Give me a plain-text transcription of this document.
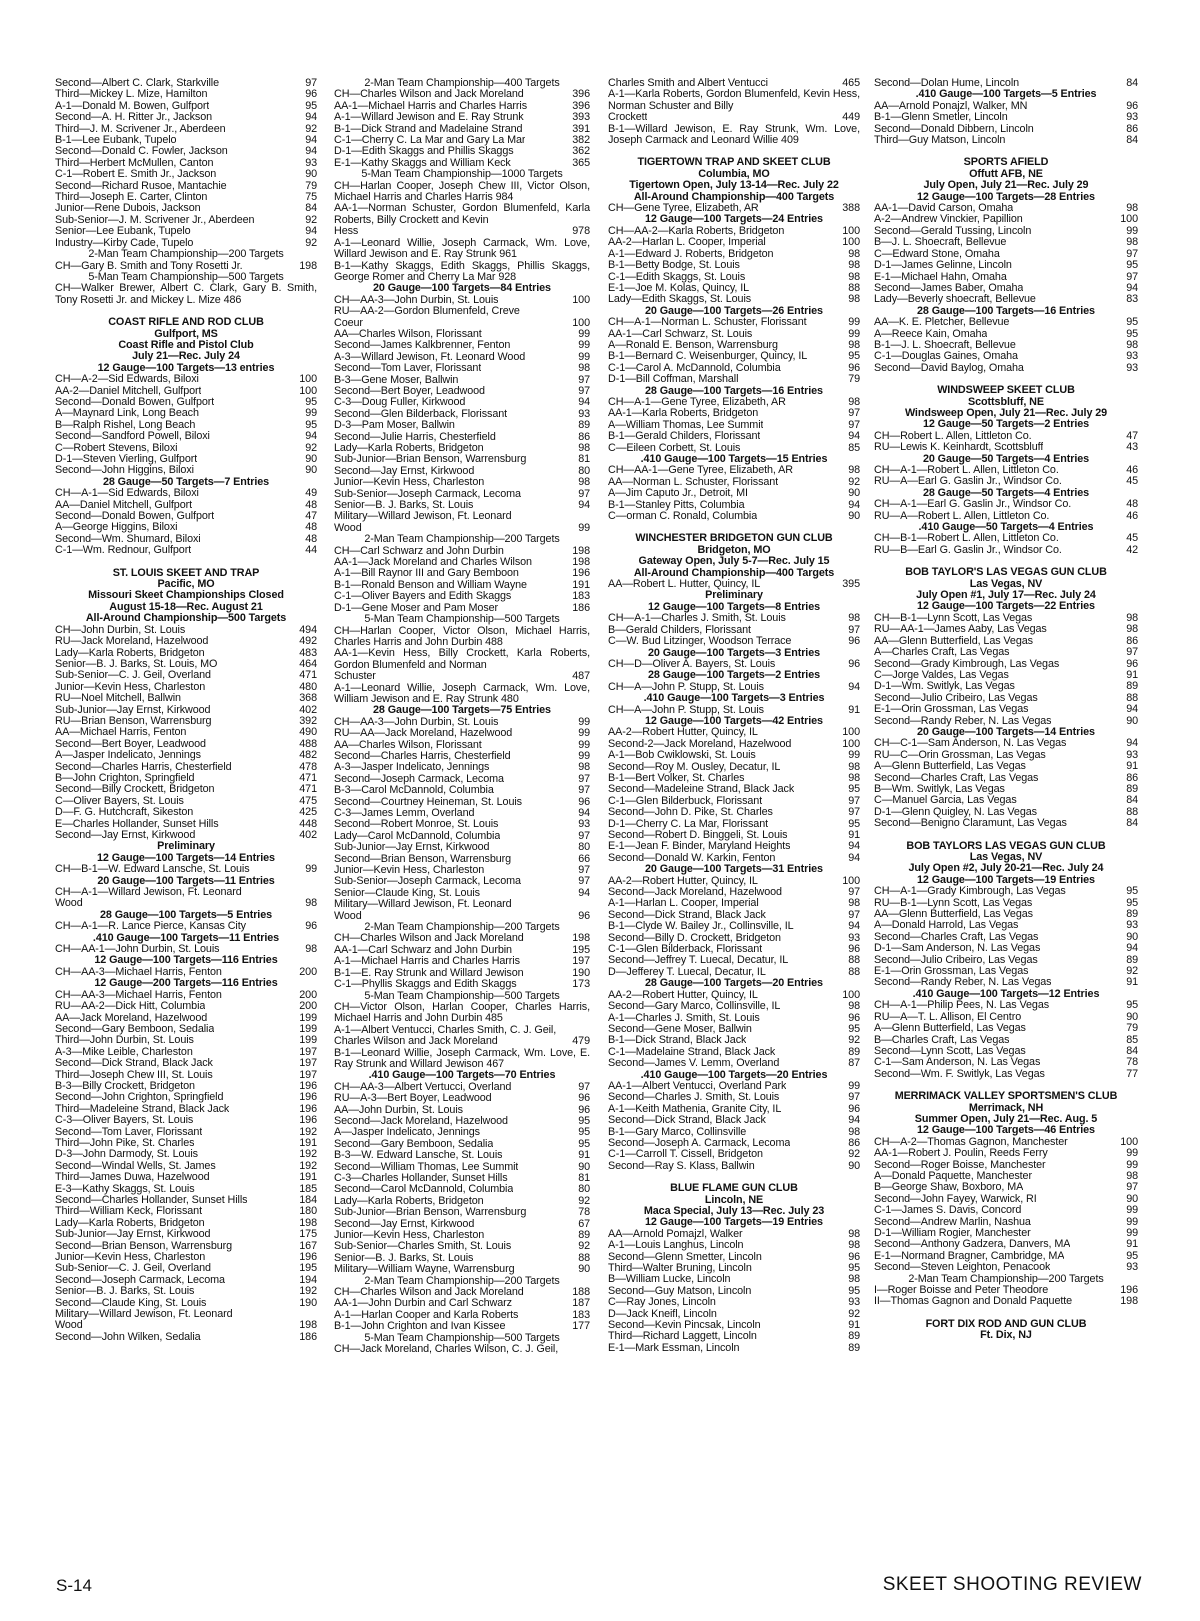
Second—Albert C. Clark, Starkville	97
Third—Mickey L. Mize, Hamilton	96
A-1—Donald M. Bowen, Gulfport	95
Second—A. H. Ritter Jr., Jackson	94
Third—J. M. Scrivener Jr., Aberdeen	92
B-1—Lee Eubank, Tupelo	94
Second—Donald C. Fowler, Jackson	94
Third—Herbert McMullen, Canton	93
C-1—Robert E. Smith Jr., Jackson	90
Second—Richard Rusoe, Mantachie	79
Third—Joseph E. Carter, Clinton	75
Junior—Rene Dubois, Jackson	84
Sub-Senior—J. M. Scrivener Jr., Aberdeen	92
Senior—Lee Eubank, Tupelo	94
Industry—Kirby Cade, Tupelo	92
2-Man Team Championship—200 Targets
CH—Gary B. Smith and Tony Rosetti Jr.	198
5-Man Team Championship—500 Targets
CH—Walker Brewer, Albert C. Clark, Gary B. Smith, Tony Rosetti Jr. and Mickey L. Mize 486
COAST RIFLE AND ROD CLUB
Gulfport, MS
Coast Rifle and Pistol Club
July 21—Rec. July 24
12 Gauge—100 Targets—13 entries
CH—A-2—Sid Edwards, Biloxi	100
AA-2—Daniel Mitchell, Gulfport	100
Second—Donald Bowen, Gulfport	95
A—Maynard Link, Long Beach	99
B—Ralph Rishel, Long Beach	95
Second—Sandford Powell, Biloxi	94
C—Robert Stevens, Biloxi	92
D-1—Steven Vierling, Gulfport	90
Second—John Higgins, Biloxi	90
28 Gauge—50 Targets—7 Entries
CH—A-1—Sid Edwards, Biloxi	49
AA—Daniel Mitchell, Gulfport	48
Second—Donald Bowen, Gulfport	47
A—George Higgins, Biloxi	48
Second—Wm. Shumard, Biloxi	48
C-1—Wm. Rednour, Gulfport	44
ST. LOUIS SKEET AND TRAP
Pacific, MO
Missouri Skeet Championships Closed
August 15-18—Rec. August 21
All-Around Championship—500 Targets
CH—John Durbin, St. Louis	494
RU—Jack Moreland, Hazelwood	492
Lady—Karla Roberts, Bridgeton	483
Senior—B. J. Barks, St. Louis, MO	464
Sub-Senior—C. J. Geil, Overland	471
Junior—Kevin Hess, Charleston	480
RU—Noel Mitchell, Ballwin	368
Sub-Junior—Jay Ernst, Kirkwood	402
RU—Brian Benson, Warrensburg	392
AA—Michael Harris, Fenton	490
Second—Bert Boyer, Leadwood	488
A—Jasper Indelicato, Jennings	482
Second—Charles Harris, Chesterfield	478
B—John Crighton, Springfield	471
Second—Billy Crockett, Bridgeton	471
C—Oliver Bayers, St. Louis	475
D—F. G. Hutchcraft, Sikeston	425
E—Charles Hollander, Sunset Hills	448
Second—Jay Ernst, Kirkwood	402
Preliminary
12 Gauge—100 Targets—14 Entries
CH—B-1—W. Edward Lansche, St. Louis	99
20 Gauge—100 Targets—11 Entries
CH—A-1—Willard Jewison, Ft. Leonard
Wood	98
28 Gauge—100 Targets—5 Entries
CH—A-1—R. Lance Pierce, Kansas City	96
.410 Gauge—100 Targets—11 Entries
CH—AA-1—John Durbin, St. Louis	98
12 Gauge—100 Targets—116 Entries
CH—AA-3—Michael Harris, Fenton	200
12 Gauge—200 Targets—116 Entries
CH—AA-3—Michael Harris, Fenton	200
RU—AA-2—Dick Hitt, Columbia	200
AA—Jack Moreland, Hazelwood	199
Second—Gary Bemboon, Sedalia	199
Third—John Durbin, St. Louis	199
A-3—Mike Leible, Charleston	197
Second—Dick Strand, Black Jack	197
Third—Joseph Chew III, St. Louis	197
B-3—Billy Crockett, Bridgeton	196
Second—John Crighton, Springfield	196
Third—Madeleine Strand, Black Jack	196
C-3—Oliver Bayers, St. Louis	196
Second—Tom Laver, Florissant	192
Third—John Pike, St. Charles	191
D-3—John Darmody, St. Louis	192
Second—Windal Wells, St. James	192
Third—James Duwa, Hazelwood	191
E-3—Kathy Skaggs, St. Louis	185
Second—Charles Hollander, Sunset Hills	184
Third—William Keck, Florissant	180
Lady—Karla Roberts, Bridgeton	198
Sub-Junior—Jay Ernst, Kirkwood	175
Second—Brian Benson, Warrensburg	167
Junior—Kevin Hess, Charleston	196
Sub-Senior—C. J. Geil, Overland	195
Second—Joseph Carmack, Lecoma	194
Senior—B. J. Barks, St. Louis	192
Second—Claude King, St. Louis	190
Military—Willard Jewison, Ft. Leonard
Wood	198
Second—John Wilken, Sedalia	186
2-Man Team Championship—400 Targets
CH—Charles Wilson and Jack Moreland	396
AA-1—Michael Harris and Charles Harris	396
A-1—Willard Jewison and E. Ray Strunk	393
B-1—Dick Strand and Madelaine Strand	391
C-1—Cherry C. La Mar and Gary La Mar	382
D-1—Edith Skaggs and Phillis Skaggs	362
E-1—Kathy Skaggs and William Keck	365
5-Man Team Championship—1000 Targets
CH—Harlan Cooper, Joseph Chew III, Victor Olson, Michael Harris and Charles Harris 984
AA-1—Norman Schuster, Gordon Blumenfeld, Karla Roberts, Billy Crockett and Kevin
Hess	978
A-1—Leonard Willie, Joseph Carmack, Wm. Love, Willard Jewison and E. Ray Strunk 961
B-1—Kathy Skaggs, Edith Skaggs, Phillis Skaggs, George Romer and Cherry La Mar 928
20 Gauge—100 Targets—84 Entries
CH—AA-3—John Durbin, St. Louis	100
RU—AA-2—Gordon Blumenfeld, Creve
Coeur	100
AA—Charles Wilson, Florissant	99
Second—James Kalkbrenner, Fenton	99
A-3—Willard Jewison, Ft. Leonard Wood	99
Second—Tom Laver, Florissant	98
B-3—Gene Moser, Ballwin	97
Second—Bert Boyer, Leadwood	97
C-3—Doug Fuller, Kirkwood	94
Second—Glen Bilderback, Florissant	93
D-3—Pam Moser, Ballwin	89
Second—Julie Harris, Chesterfield	86
Lady—Karla Roberts, Bridgeton	98
Sub-Junior—Brian Benson, Warrensburg	81
Second—Jay Ernst, Kirkwood	80
Junior—Kevin Hess, Charleston	98
Sub-Senior—Joseph Carmack, Lecoma	97
Senior—B. J. Barks, St. Louis	94
Military—Willard Jewison, Ft. Leonard
Wood	99
2-Man Team Championship—200 Targets
CH—Carl Schwarz and John Durbin	198
AA-1—Jack Moreland and Charles Wilson	198
A-1—Bill Raynor III and Gary Bemboon	196
B-1—Ronald Benson and William Wayne	191
C-1—Oliver Bayers and Edith Skaggs	183
D-1—Gene Moser and Pam Moser	186
5-Man Team Championship—500 Targets
CH—Harlan Cooper, Victor Olson, Michael Harris, Charles Harris and John Durbin 488
AA-1—Kevin Hess, Billy Crockett, Karla Roberts, Gordon Blumenfeld and Norman
Schuster	487
A-1—Leonard Willie, Joseph Carmack, Wm. Love, William Jewison and E. Ray Strunk 480
28 Gauge—100 Targets—75 Entries
CH—AA-3—John Durbin, St. Louis	99
RU—AA—Jack Moreland, Hazelwood	99
AA—Charles Wilson, Florissant	99
Second—Charles Harris, Chesterfield	99
A-3—Jasper Indelicato, Jennings	98
Second—Joseph Carmack, Lecoma	97
B-3—Carol McDannold, Columbia	97
Second—Courtney Heineman, St. Louis	96
C-3—James Lemm, Overland	94
Second—Robert Monroe, St. Louis	93
Lady—Carol McDannold, Columbia	97
Sub-Junior—Jay Ernst, Kirkwood	80
Second—Brian Benson, Warrensburg	66
Junior—Kevin Hess, Charleston	97
Sub-Senior—Joseph Carmack, Lecoma	97
Senior—Claude King, St. Louis	94
Military—Willard Jewison, Ft. Leonard
Wood	96
2-Man Team Championship—200 Targets
CH—Charles Wilson and Jack Moreland	198
AA-1—Carl Schwarz and John Durbin	195
A-1—Michael Harris and Charles Harris	197
B-1—E. Ray Strunk and Willard Jewison	190
C-1—Phyllis Skaggs and Edith Skaggs	173
5-Man Team Championship—500 Targets
CH—Victor Olson, Harlan Cooper, Charles Harris, Michael Harris and John Durbin 485
A-1—Albert Ventucci, Charles Smith, C. J. Geil,
Charles Wilson and Jack Moreland	479
B-1—Leonard Willie, Joseph Carmack, Wm. Love, E. Ray Strunk and Willard Jewison 467
.410 Gauge—100 Targets—70 Entries
CH—AA-3—Albert Vertucci, Overland	97
RU—A-3—Bert Boyer, Leadwood	96
AA—John Durbin, St. Louis	96
Second—Jack Moreland, Hazelwood	95
A—Jasper Indelicato, Jennings	95
Second—Gary Bemboon, Sedalia	95
B-3—W. Edward Lansche, St. Louis	91
Second—William Thomas, Lee Summit	90
C-3—Charles Hollander, Sunset Hills	81
Second—Carol McDannold, Columbia	80
Lady—Karla Roberts, Bridgeton	92
Sub-Junior—Brian Benson, Warrensburg	78
Second—Jay Ernst, Kirkwood	67
Junior—Kevin Hess, Charleston	89
Sub-Senior—Charles Smith, St. Louis	92
Senior—B. J. Barks, St. Louis	88
Military—William Wayne, Warrensburg	90
2-Man Team Championship—200 Targets
CH—Charles Wilson and Jack Moreland	188
AA-1—John Durbin and Carl Schwarz	187
A-1—Harlan Cooper and Karla Roberts	183
B-1—John Crighton and Ivan Kissee	177
5-Man Team Championship—500 Targets
CH—Jack Moreland, Charles Wilson, C. J. Geil,
Charles Smith and Albert Ventucci	465
A-1—Karla Roberts, Gordon Blumenfeld, Kevin Hess, Norman Schuster and Billy
Crockett	449
B-1—Willard Jewison, E. Ray Strunk, Wm. Love, Joseph Carmack and Leonard Willie 409
TIGERTOWN TRAP AND SKEET CLUB
Columbia, MO
Tigertown Open, July 13-14—Rec. July 22
All-Around Championship—400 Targets
CH—Gene Tyree, Elizabeth, AR	388
12 Gauge—100 Targets—24 Entries
CH—AA-2—Karla Roberts, Bridgeton	100
AA-2—Harlan L. Cooper, Imperial	100
A-1—Edward J. Roberts, Bridgeton	98
B-1—Betty Bodge, St. Louis	98
C-1—Edith Skaggs, St. Louis	98
E-1—Joe M. Kolas, Quincy, IL	88
Lady—Edith Skaggs, St. Louis	98
20 Gauge—100 Targets—26 Entries
CH—A-1—Norman L. Schuster, Florissant	99
AA-1—Carl Schwarz, St. Louis	99
A—Ronald E. Benson, Warrensburg	98
B-1—Bernard C. Weisenburger, Quincy, IL	95
C-1—Carol A. McDannold, Columbia	96
D-1—Bill Coffman, Marshall	79
28 Gauge—100 Targets—16 Entries
CH—A-1—Gene Tyree, Elizabeth, AR	98
AA-1—Karla Roberts, Bridgeton	97
A—William Thomas, Lee Summit	97
B-1—Gerald Childers, Florissant	94
C—Eileen Corbett, St. Louis	85
.410 Gauge—100 Targets—15 Entries
CH—AA-1—Gene Tyree, Elizabeth, AR	98
AA—Norman L. Schuster, Florissant	92
A—Jim Caputo Jr., Detroit, MI	90
B-1—Stanley Pitts, Columbia	94
C—orman C. Ronald, Columbia	90
WINCHESTER BRIDGETON GUN CLUB
Bridgeton, MO
Gateway Open, July 5-7—Rec. July 15
All-Around Championship—400 Targets
AA—Robert L. Hutter, Quincy, IL	395
Preliminary
12 Gauge—100 Targets—8 Entries
CH—A-1—Charles J. Smith, St. Louis	98
B—Gerald Childers, Florissant	97
C—W. Bud Litzinger, Woodson Terrace	96
20 Gauge—100 Targets—3 Entries
CH—D—Oliver A. Bayers, St. Louis	96
28 Gauge—100 Targets—2 Entries
CH—A—John P. Stupp, St. Louis	94
.410 Gauge—100 Targets—3 Entries
CH—A—John P. Stupp, St. Louis	91
12 Gauge—100 Targets—42 Entries
AA-2—Robert Hutter, Quincy, IL	100
Second-2—Jack Moreland, Hazelwood	100
A-1—Bob Cwiklowski, St. Louis	99
Second—Roy M. Ousley, Decatur, IL	98
B-1—Bert Volker, St. Charles	98
Second—Madeleine Strand, Black Jack	95
C-1—Glen Bilderbuck, Florissant	97
Second—John D. Pike, St. Charles	97
D-1—Cherry C. La Mar, Florissant	95
Second—Robert D. Binggeli, St. Louis	91
E-1—Jean F. Binder, Maryland Heights	94
Second—Donald W. Karkin, Fenton	94
20 Gauge—100 Targets—31 Entries
AA-2—Robert Hutter, Quincy, IL	100
Second—Jack Moreland, Hazelwood	97
A-1—Harlan L. Cooper, Imperial	98
Second—Dick Strand, Black Jack	97
B-1—Clyde W. Bailey Jr., Collinsville, IL	94
Second—Billy D. Crockett, Bridgeton	93
C-1—Glen Bilderback, Florissant	96
Second—Jeffrey T. Luecal, Decatur, IL	88
D—Jefferey T. Luecal, Decatur, IL	88
28 Gauge—100 Targets—20 Entries
AA-2—Robert Hutter, Quincy, IL	100
Second—Gary Marco, Collinsville, IL	98
A-1—Charles J. Smith, St. Louis	96
Second—Gene Moser, Ballwin	95
B-1—Dick Strand, Black Jack	92
C-1—Madelaine Strand, Black Jack	89
Second—James V. Lemm, Overland	87
.410 Gauge—100 Targets—20 Entries
AA-1—Albert Ventucci, Overland Park	99
Second—Charles J. Smith, St. Louis	97
A-1—Keith Mathenia, Granite City, IL	96
Second—Dick Strand, Black Jack	94
B-1—Gary Marco, Collinsville	98
Second—Joseph A. Carmack, Lecoma	86
C-1—Carroll T. Cissell, Bridgeton	92
Second—Ray S. Klass, Ballwin	90
BLUE FLAME GUN CLUB
Lincoln, NE
Maca Special, July 13—Rec. July 23
12 Gauge—100 Targets—19 Entries
AA—Arnold Pomajzl, Walker	98
A-1—Louis Langhus, Lincoln	98
Second—Glenn Smetter, Lincoln	96
Third—Walter Bruning, Lincoln	95
B—William Lucke, Lincoln	98
Second—Guy Matson, Lincoln	95
C—Ray Jones, Lincoln	93
D—Jack Kneifl, Lincoln	92
Second—Kevin Pincsak, Lincoln	91
Third—Richard Laggett, Lincoln	89
E-1—Mark Essman, Lincoln	89
Second—Dolan Hume, Lincoln	84
.410 Gauge—100 Targets—5 Entries
AA—Arnold Ponajzl, Walker, MN	96
B-1—Glenn Smetler, Lincoln	93
Second—Donald Dibbern, Lincoln	86
Third—Guy Matson, Lincoln	84
SPORTS AFIELD
Offutt AFB, NE
July Open, July 21—Rec. July 29
12 Gauge—100 Targets—28 Entries
AA-1—David Carson, Omaha	98
A-2—Andrew Vinckier, Papillion	100
Second—Gerald Tussing, Lincoln	99
B—J. L. Shoecraft, Bellevue	98
C—Edward Stone, Omaha	97
D-1—James Gelinne, Lincoln	95
E-1—Michael Hahn, Omaha	97
Second—James Baber, Omaha	94
Lady—Beverly shoecraft, Bellevue	83
28 Gauge—100 Targets—16 Entries
AA—K. E. Pletcher, Bellevue	95
A—Reece Kain, Omaha	95
B-1—J. L. Shoecraft, Bellevue	98
C-1—Douglas Gaines, Omaha	93
Second—David Baylog, Omaha	93
WINDSWEEP SKEET CLUB
Scottsbluff, NE
Windsweep Open, July 21—Rec. July 29
12 Gauge—50 Targets—2 Entries
CH—Robert L. Allen, Littleton Co.	47
RU—Lewis K. Keinhardt, Scottsbluff	43
20 Gauge—50 Targets—4 Entries
CH—A-1—Robert L. Allen, Littleton Co.	46
RU—A—Earl G. Gaslin Jr., Windsor Co.	45
28 Gauge—50 Targets—4 Entries
CH—A-1—Earl G. Gaslin Jr., Windsor Co.	48
RU—A—Robert L. Allen, Littleton Co.	46
.410 Gauge—50 Targets—4 Entries
CH—B-1—Robert L. Allen, Littleton Co.	45
RU—B—Earl G. Gaslin Jr., Windsor Co.	42
BOB TAYLOR'S LAS VEGAS GUN CLUB
Las Vegas, NV
July Open #1, July 17—Rec. July 24
12 Gauge—100 Targets—22 Entries
CH—B-1—Lynn Scott, Las Vegas	98
RU—AA-1—James Aaby, Las Vegas	98
AA—Glenn Butterfield, Las Vegas	86
A—Charles Craft, Las Vegas	97
Second—Grady Kimbrough, Las Vegas	96
C—Jorge Valdes, Las Vegas	91
D-1—Wm. Switlyk, Las Vegas	89
Second—Julio Cribeiro, Las Vegas	88
E-1—Orin Grossman, Las Vegas	94
Second—Randy Reber, N. Las Vegas	90
20 Gauge—100 Targets—14 Entries
CH—C-1—Sam Anderson, N. Las Vegas	94
RU—C—Orin Grossman, Las Vegas	93
A—Glenn Butterfield, Las Vegas	91
Second—Charles Craft, Las Vegas	86
B—Wm. Switlyk, Las Vegas	89
C—Manuel Garcia, Las Vegas	84
D-1—Glenn Quigley, N. Las Vegas	88
Second—Benigno Claramunt, Las Vegas	84
BOB TAYLORS LAS VEGAS GUN CLUB
Las Vegas, NV
July Open #2, July 20-21—Rec. July 24
12 Gauge—100 Targets—19 Entries
CH—A-1—Grady Kimbrough, Las Vegas	95
RU—B-1—Lynn Scott, Las Vegas	95
AA—Glenn Butterfield, Las Vegas	89
A—Donald Harrold, Las Vegas	93
Second—Charles Craft, Las Vegas	90
D-1—Sam Anderson, N. Las Vegas	94
Second—Julio Cribeiro, Las Vegas	89
E-1—Orin Grossman, Las Vegas	92
Second—Randy Reber, N. Las Vegas	91
.410 Gauge—100 Targets—12 Entries
CH—A-1—Philip Pees, N. Las Vegas	95
RU—A—T. L. Allison, El Centro	90
A—Glenn Butterfield, Las Vegas	79
B—Charles Craft, Las Vegas	85
Second—Lynn Scott, Las Vegas	84
C-1—Sam Anderson, N. Las Vegas	78
Second—Wm. F. Switlyk, Las Vegas	77
MERRIMACK VALLEY SPORTSMEN'S CLUB
Merrimack, NH
Summer Open, July 21—Rec. Aug. 5
12 Gauge—100 Targets—46 Entries
CH—A-2—Thomas Gagnon, Manchester	100
AA-1—Robert J. Poulin, Reeds Ferry	99
Second—Roger Boisse, Manchester	99
A—Donald Paquette, Manchester	98
B—George Shaw, Boxboro, MA	97
Second—John Fayey, Warwick, RI	90
C-1—James S. Davis, Concord	99
Second—Andrew Marlin, Nashua	99
D-1—William Rogier, Manchester	99
Second—Anthony Gadzera, Danvers, MA	91
E-1—Normand Bragner, Cambridge, MA	95
Second—Steven Leighton, Penacook	93
2-Man Team Championship—200 Targets
I—Roger Boisse and Peter Theodore	196
II—Thomas Gagnon and Donald Paquette	198
FORT DIX ROD AND GUN CLUB
Ft. Dix, NJ
S-14	SKEET SHOOTING REVIEW
